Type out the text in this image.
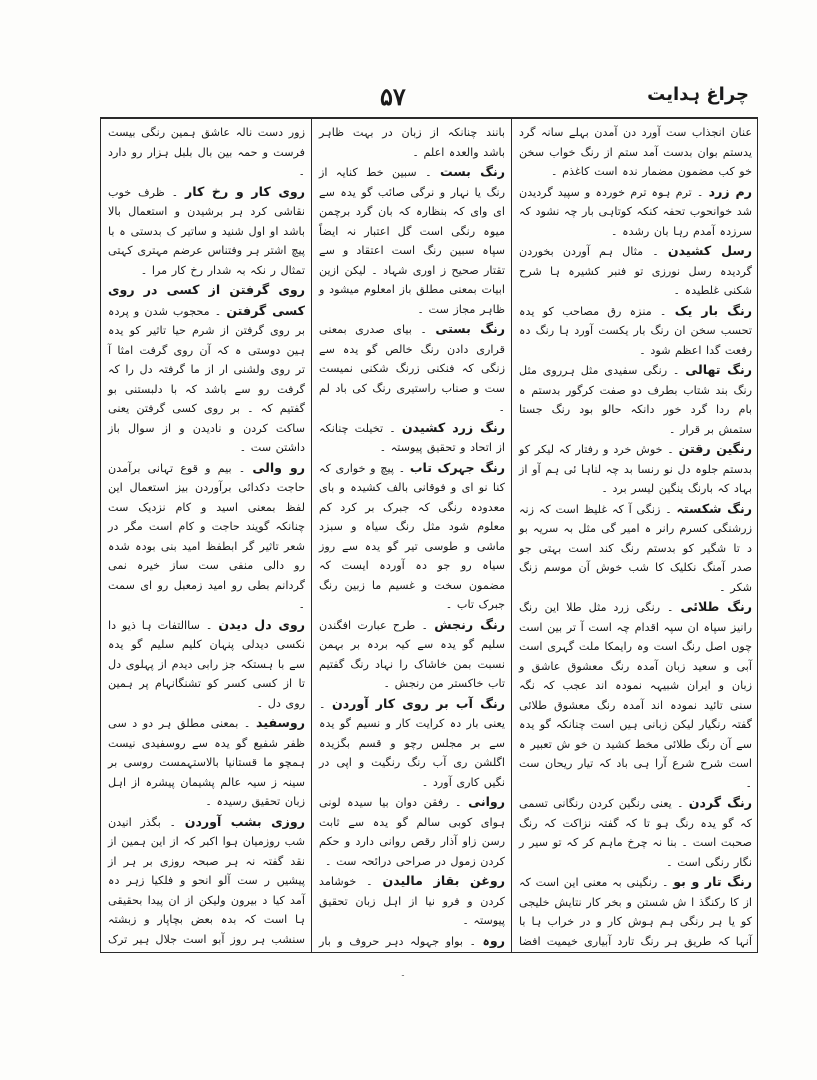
چراغ ہدایت
۵۷

عنان انجذاب ست آورد دن آمدن بہلے سانہ گرد یدستم بوان بدست آمد ستم از رنگ خواب سخن خو کب مضمون مضمار ندہ است کاغذم ۔

رم زرد ۔ ترم ہوہ ترم خوردہ و سپید گردیدن شد خوانحوب تحفہ کنکہ کوتاہی بار چہ نشود کہ سرزدہ آمدم رہا بان رشدہ ۔

رسل کشیدن ۔ مثال ہم آوردن بخوردن گردیدہ رسل نورزی تو فنبر کشیرہ ہا شرح شکنی غلطیدہ ۔

رنگ بار یک ۔ منزہ رق مصاحب کو یدہ تحسب سخن ان رنگ بار یکست آورد ہا رنگ دہ رفعت گدا اعظم شود ۔

رنگ تھالی ۔ رنگی سفیدی مثل ہرروی مثل رنگ بند شتاب بطرف دو صفت کرگور بدستم ہ بام ردا گرد خور دانکہ حالو بود رنگ جستا ستمش بر قرار ۔

رنگین رقتن ۔ خوش خرد و رفتار کہ لیکر کو بدستم جلوہ دل نو رنسا بد چہ لناہا ئی ہم آو از بہاد کہ بارنگ ینگین لیسر برد ۔

رنگ شکستہ ۔ زنگی آ کہ غلیظ است کہ زنہ زرشنگی کسرم رانر ہ امیر گی مثل بہ سریہ بو د تا شگیر کو بدستم رنگ کند است بہتی جو صدر آمنگ نکلیک کا شب خوش آن موسم زنگ شکر ۔

رنگ طلائی ۔ رنگی زرد مثل طلا این رنگ رانیز سپاہ ان سپہ اقدام چہ است آ تر بین است چوں اصل رنگ است وہ رایمکا ملت گہری است آبی و سعید زبان آمدہ رنگ معشوق عاشق و زبان و ایران شبیہہ نمودہ اند عجب کہ نگہ سنی تائید نمودہ اند آمدہ رنگ معشوق طلائی گفتہ رنگیار لیکن زبانی ہیں است چنانکہ گو یدہ سے آن رنگ طلائی مخط کشید ن خو ش تعبیر ہ است شرح شرع آرا ہی باد کہ تیار ریحان ست ۔

رنگ گردن ۔ یعنی رنگین کردن رنگانی تسمی کہ گو یدہ رنگ ہو تا کہ گفتہ نزاکت کہ رنگ صحبت است ۔ بنا نہ چرخ ماہم کر کہ تو سیر ر نگار رنگی است ۔

رنگ تار و بو ۔ رنگینی بہ معنی این است کہ از کا رکنگذ ا ش شستن و بخر کار نتایش خلیجی کو یا ہر رنگی ہم ہوش کار و در خراب ہا با آنہا کہ طریق ہر رنگ تارد آبیاری خیمیت افضا

بانند چنانکہ از زبان در بہت ظاہر باشد والعدہ اعلم ۔

رنگ بست ۔ سبین خط کنایہ از رنگ یا نہار و نرگی صائب گو یدہ سے ای وای کہ بنظارہ کہ بان گرد برچمن میوہ رنگی است گل اعتبار نہ ایضاً سپاہ سبین رنگ است اعتقاد و سے تقتار صحیح ز اوری شہاد ۔ لیکن ازین ابیات بمعنی مطلق باز امعلوم میشود و ظاہر مجاز ست ۔

رنگ بستی ۔ بیای صدری بمعنی قراری دادن رنگ خالص گو یدہ سے زنگی کہ فنکنی زرنگ شکنی نمیست ست و صناب راستیری رنگ کی باد لم ۔

رنگ زرد کشیدن ۔ تخیلت چنانکہ از اتحاد و تحقیق پیوستہ ۔

رنگ جہرک تاب ۔ پیچ و خواری کہ کنا نو ای و فوقانی بالف کشیدہ و بای معدودہ رنگی کہ جبرک بر کرد کم معلوم شود مثل رنگ سیاہ و سبزد ماشی و طوسی تیر گو یدہ سے روز سیاہ رو جو دہ آوردہ ایست کہ مضمون سخت و غسیم ما زبین رنگ جبرک تاب ۔

رنگ رنجش ۔ طرح عبارت افگندن سلیم گو یدہ سے کیہ بردہ بر بہمن نسبت بمن خاشاک را نہاد رنگ گفتیم تاب خاکستر من رنجش ۔

رنگ آب بر روی کار آوردن ۔ یعنی بار دہ کرایت کار و نسیم گو یدہ سے بر مجلس رچو و قسم بگزیدہ اگلشن ری آب رنگ رنگیت و اپی در نگیں کاری آورد ۔

روانی ۔ رفقن دوان بیا سیدہ لونی ہوای کوبی سالم گو یدہ سے ثابت رسن زاو آذار رقص روانی دارد و حکم کردن زمول در صراحی درائحہ ست ۔

روغن بقاز مالیدن ۔ خوشامد کردن و فرو نیا از اہل زبان تحقیق پیوستہ ۔

روہ ۔ بواو جہولہ دہر حروف و بار

زور دست نالہ عاشق ہمین رنگی بیست فرست و حمہ بین بال بلبل ہزار رو دارد ۔

روی کار و رخ کار ۔ ظرف خوب نقاشی کرد ہر برشیدن و استعمال بالا باشد او اول شنید و ساتیر ک بدستی ہ با پیچ اشتر ہر وفتناس عرضم مہتری کہتی تمثال ر نکہ بہ شدار رخ کار مرا ۔

روی گرفتن از کسی در روی کسی گرفتن ۔ محجوب شدن و پردہ بر روی گرفتن از شرم حیا تاثیر کو یدہ ہین دوستی ہ کہ آن روی گرفت امثا آ تر روی ولشنی ار از ما گرفتہ دل را کہ گرفت رو سے باشد کہ با دلبستنی بو گفتیم کہ ۔ بر روی کسی گرفتن یعنی ساکت کردن و نادیدن و از سوال باز داشتن ست ۔

رو والی ۔ بیم و قوع تہانی برآمدن حاجت دکدائی برآوردن بیز استعمال این لفظ بمعنی اسید و کام نزدیک ست چنانکہ گویند حاجت و کام است مگر در شعر تاثیر گر ابطفظ امید بنی بودہ شدہ رو دالی منفی ست ساز خیرہ نمی گردانم بطی رو امید زمعبل رو ای سمت ۔

روی دل دیدن ۔ ساالتفات ہا ذیو دا نکسی دیدلی پنہان کلیم سلیم گو یدہ سے با ہستکہ جز رابی دیدم از پہلوی دل تا از کسی کسر کو تشنگانہام پر ہمین روی دل ۔

روسفید ۔ بمعنی مطلق ہر دو د سی ظفر شفیع گو یدہ سے روسفیدی نیست ہمچو ما قستانیا بالاستہمست روسی بر سینہ ز سیہ عالم پشیمان پیشرہ از اہل زبان تحقیق رسیدہ ۔

روزی بشب آوردن ۔ بگذر انیدن شب روزمیان ہوا اکبر کہ از این ہمین از نقد گفتہ نہ ہر صبحہ روزی بر ہر از پیشیں ر ست آلو انحو و فلکیا زہر دہ آمد کیا د بیرون ولیکن از ان پیدا بحقیقی ہا است کہ بدہ بعض بچاپار و زبشتہ سنشب ہر روز آبو است جلال ہیر ترک

۔
